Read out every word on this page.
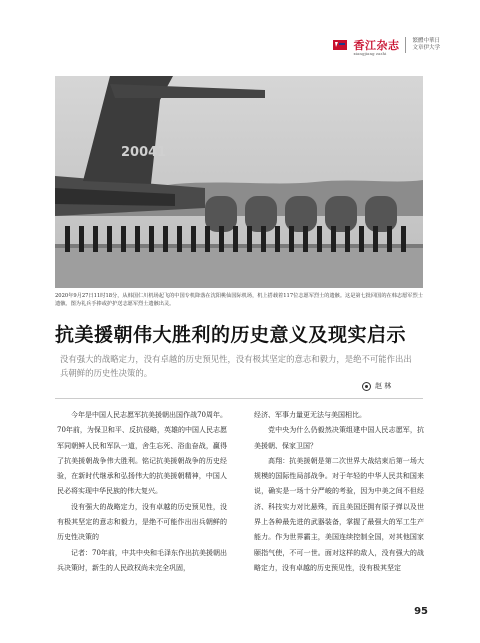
香江杂志
xiangjiang zazhi
繁體中華日
文章伊大学
20041
2020年9月27日11时18分，从韩国仁川机场起飞的中国专机降落在沈阳桃仙国际机场，机上搭载着117位志愿军烈士的遗骸。这是第七批回国的在韩志愿军烈士遗骸。图为礼兵手捧或护护送志愿军烈士遗骸出灵。
抗美援朝伟大胜利的历史意义及现实启示
没有强大的战略定力，没有卓越的历史预见性，没有极其坚定的意志和毅力，是绝不可能作出出兵朝鲜的历史性决策的。
赵 林

今年是中国人民志愿军抗美援朝出国作战70周年。70年前，为保卫和平、反抗侵略，英雄的中国人民志愿军同朝鲜人民和军队一道，舍生忘死、浴血奋战，赢得了抗美援朝战争伟大胜利。铭记抗美援朝战争的历史经验，在新时代继承和弘扬伟大的抗美援朝精神，中国人民必将实现中华民族的伟大复兴。

没有强大的战略定力，没有卓越的历史预见性，没有极其坚定的意志和毅力，是绝不可能作出出兵朝鲜的历史性决策的

记者：70年前，中共中央和毛泽东作出抗美援朝出兵决策时，新生的人民政权尚未完全巩固，

经济、军事力量更无法与美国相比。

党中央为什么仍毅然决策组建中国人民志愿军，抗美援朝、保家卫国？

高翔：抗美援朝是第二次世界大战结束后第一场大规模的国际性局部战争。对于年轻的中华人民共和国来说，确实是一场十分严峻的考验，因为中美之间不但经济、科技实力对比悬殊，而且美国还拥有原子弹以及世界上各种最先进的武器装备，掌握了最强大的军工生产能力。作为世界霸主，美国连续控制全国，对其他国家颐指气使，不可一世。面对这样的敌人，没有强大的战略定力，没有卓越的历史预见性，没有极其坚定

95
